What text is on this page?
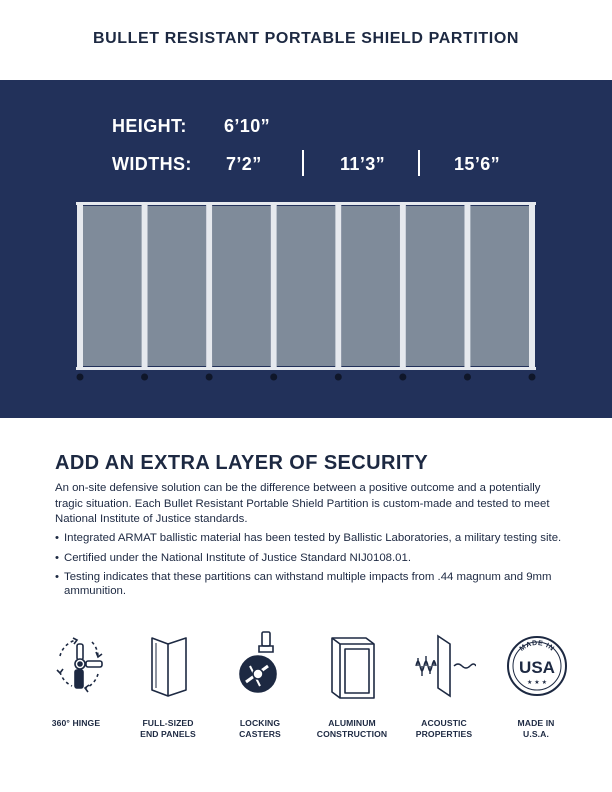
BULLET RESISTANT PORTABLE SHIELD PARTITION
HEIGHT: 6’10”
WIDTHS: 7’2”	11’3”	15’6”
ADD AN EXTRA LAYER OF SECURITY

An on-site defensive solution can be the difference between a positive outcome and a potentially tragic situation. Each Bullet Resistant Portable Shield Partition is custom-made and tested to meet National Institute of Justice standards.

• Integrated ARMAT ballistic material has been tested by Ballistic Laboratories, a military testing site.
• Certified under the National Institute of Justice Standard NIJ0108.01.
• Testing indicates that these partitions can withstand multiple impacts from .44 magnum and 9mm ammunition.
360° HINGE	FULL-SIZED
END PANELS
LOCKING
CASTERS
ALUMINUM
CONSTRUCTION
ACOUSTIC
PROPERTIES
MADE IN
USA
★ ★ ★
MADE IN
U.S.A.
